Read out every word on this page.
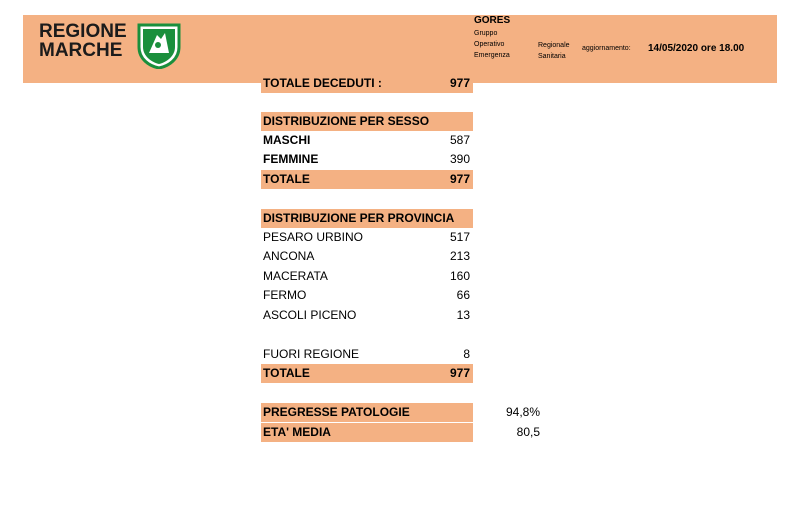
REGIONE
MARCHE
GORES
Gruppo
Operativo
Emergenza
Regionale
Sanitaria
aggiornamento: 14/05/2020 ore 18.00
TOTALE DECEDUTI :	977
DISTRIBUZIONE PER SESSO
MASCHI	587
FEMMINE	390
TOTALE	977
DISTRIBUZIONE PER PROVINCIA
PESARO URBINO	517
ANCONA	213
MACERATA	160
FERMO	66
ASCOLI PICENO	13
FUORI REGIONE	8
TOTALE	977
PREGRESSE PATOLOGIE	94,8%
ETA' MEDIA	80,5
